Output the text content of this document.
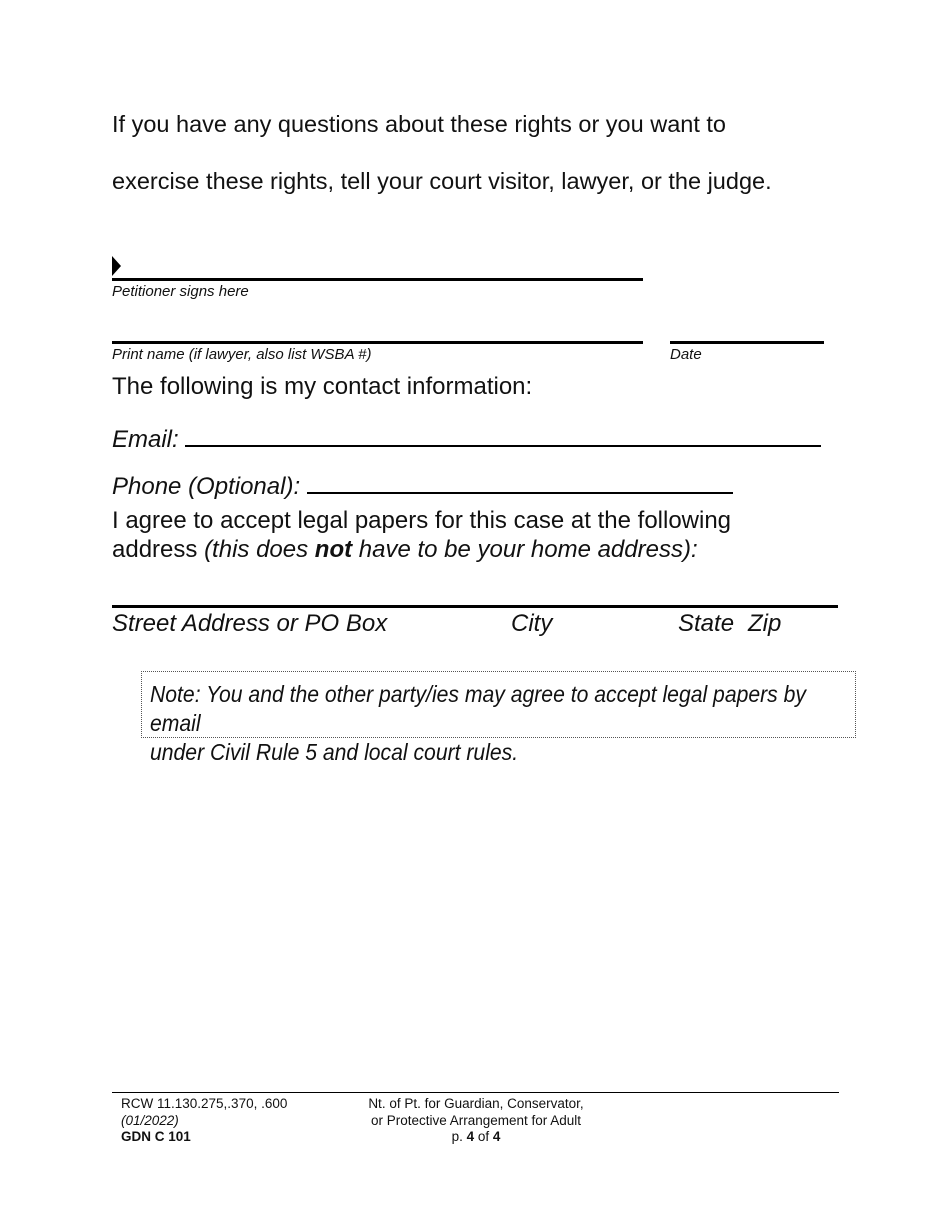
If you have any questions about these rights or you want to
exercise these rights, tell your court visitor, lawyer, or the judge.
Petitioner signs here
Print name (if lawyer, also list WSBA #)	Date
The following is my contact information:
Email:
Phone (Optional):
I agree to accept legal papers for this case at the following
address (this does not have to be your home address):
Street Address or PO Box	City	State Zip
Note: You and the other party/ies may agree to accept legal papers by email
under Civil Rule 5 and local court rules.
RCW 11.130.275,.370, .600
(01/2022)
GDN C 101
Nt. of Pt. for Guardian, Conservator,
or Protective Arrangement for Adult
p. 4 of 4
